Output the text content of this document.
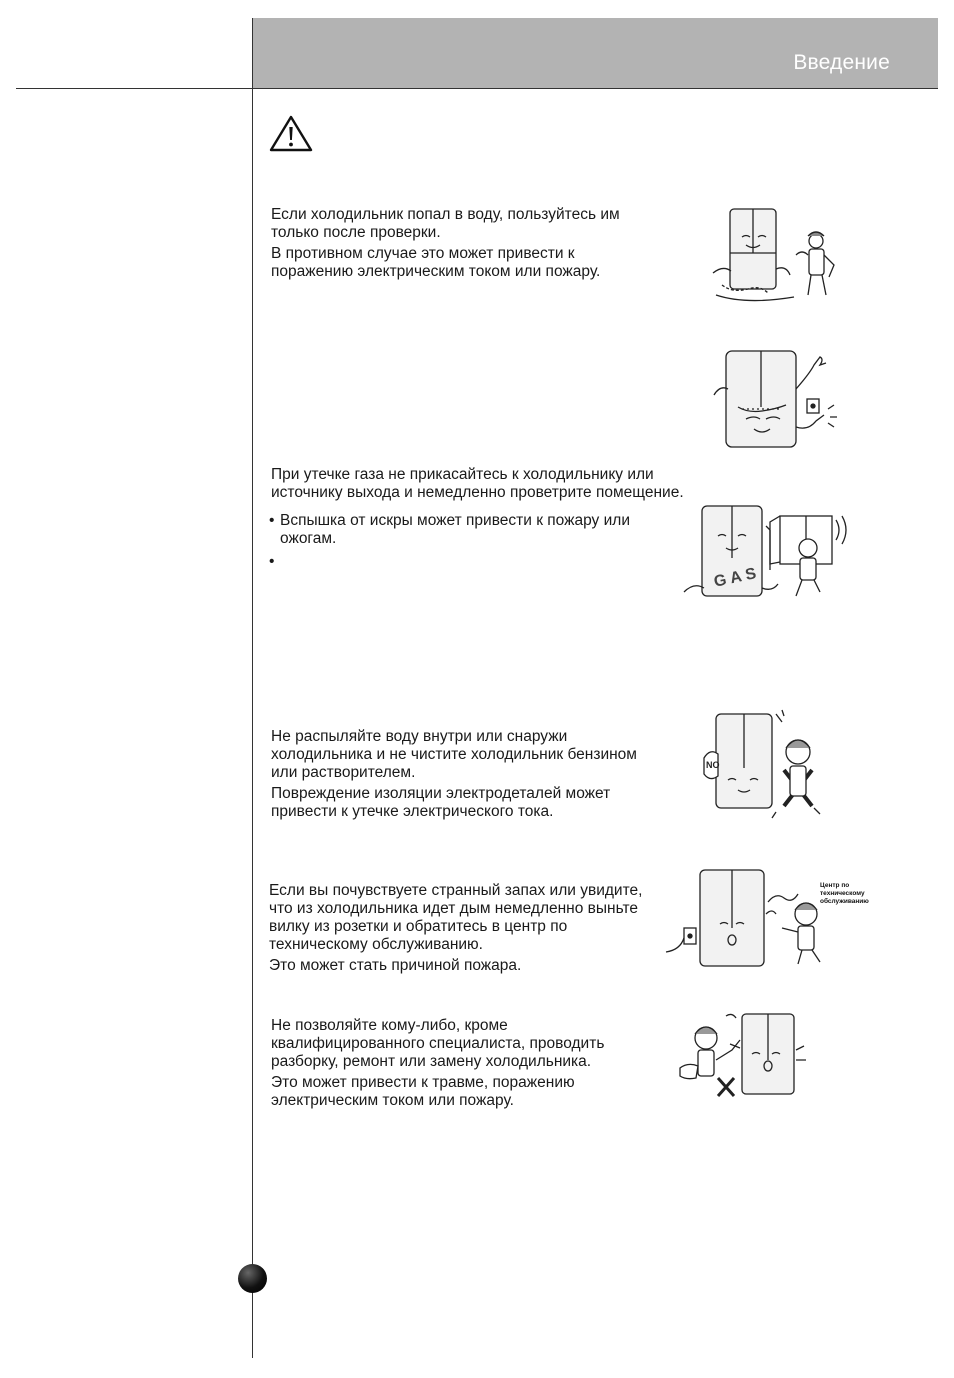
Введение

Если холодильник попал в воду, пользуйтесь им
только после проверки.

В противном случае это может привести к
поражению электрическим током или пожару.

При утечке газа не прикасайтесь к холодильнику или
источнику выхода и немедленно проветрите помещение.

• Вспышка от искры может привести к пожару или
ожогам.
•
GAS

Не распыляйте воду внутри или снаружи
холодильника и не чистите холодильник бензином
или растворителем.

Повреждение изоляции электродеталей может
привести к утечке электрического тока.

NO

Если вы почувствуете странный запах или увидите,
что из холодильника идет дым немедленно выньте
вилку из розетки и обратитесь в центр по
техническому обслуживанию.

Это может стать причиной пожара.

Центр по
техническому
обслуживанию

Не позволяйте кому-либо, кроме
квалифицированного специалиста, проводить
разборку, ремонт или замену холодильника.

Это может привести к травме, поражению
электрическим током или пожару.
